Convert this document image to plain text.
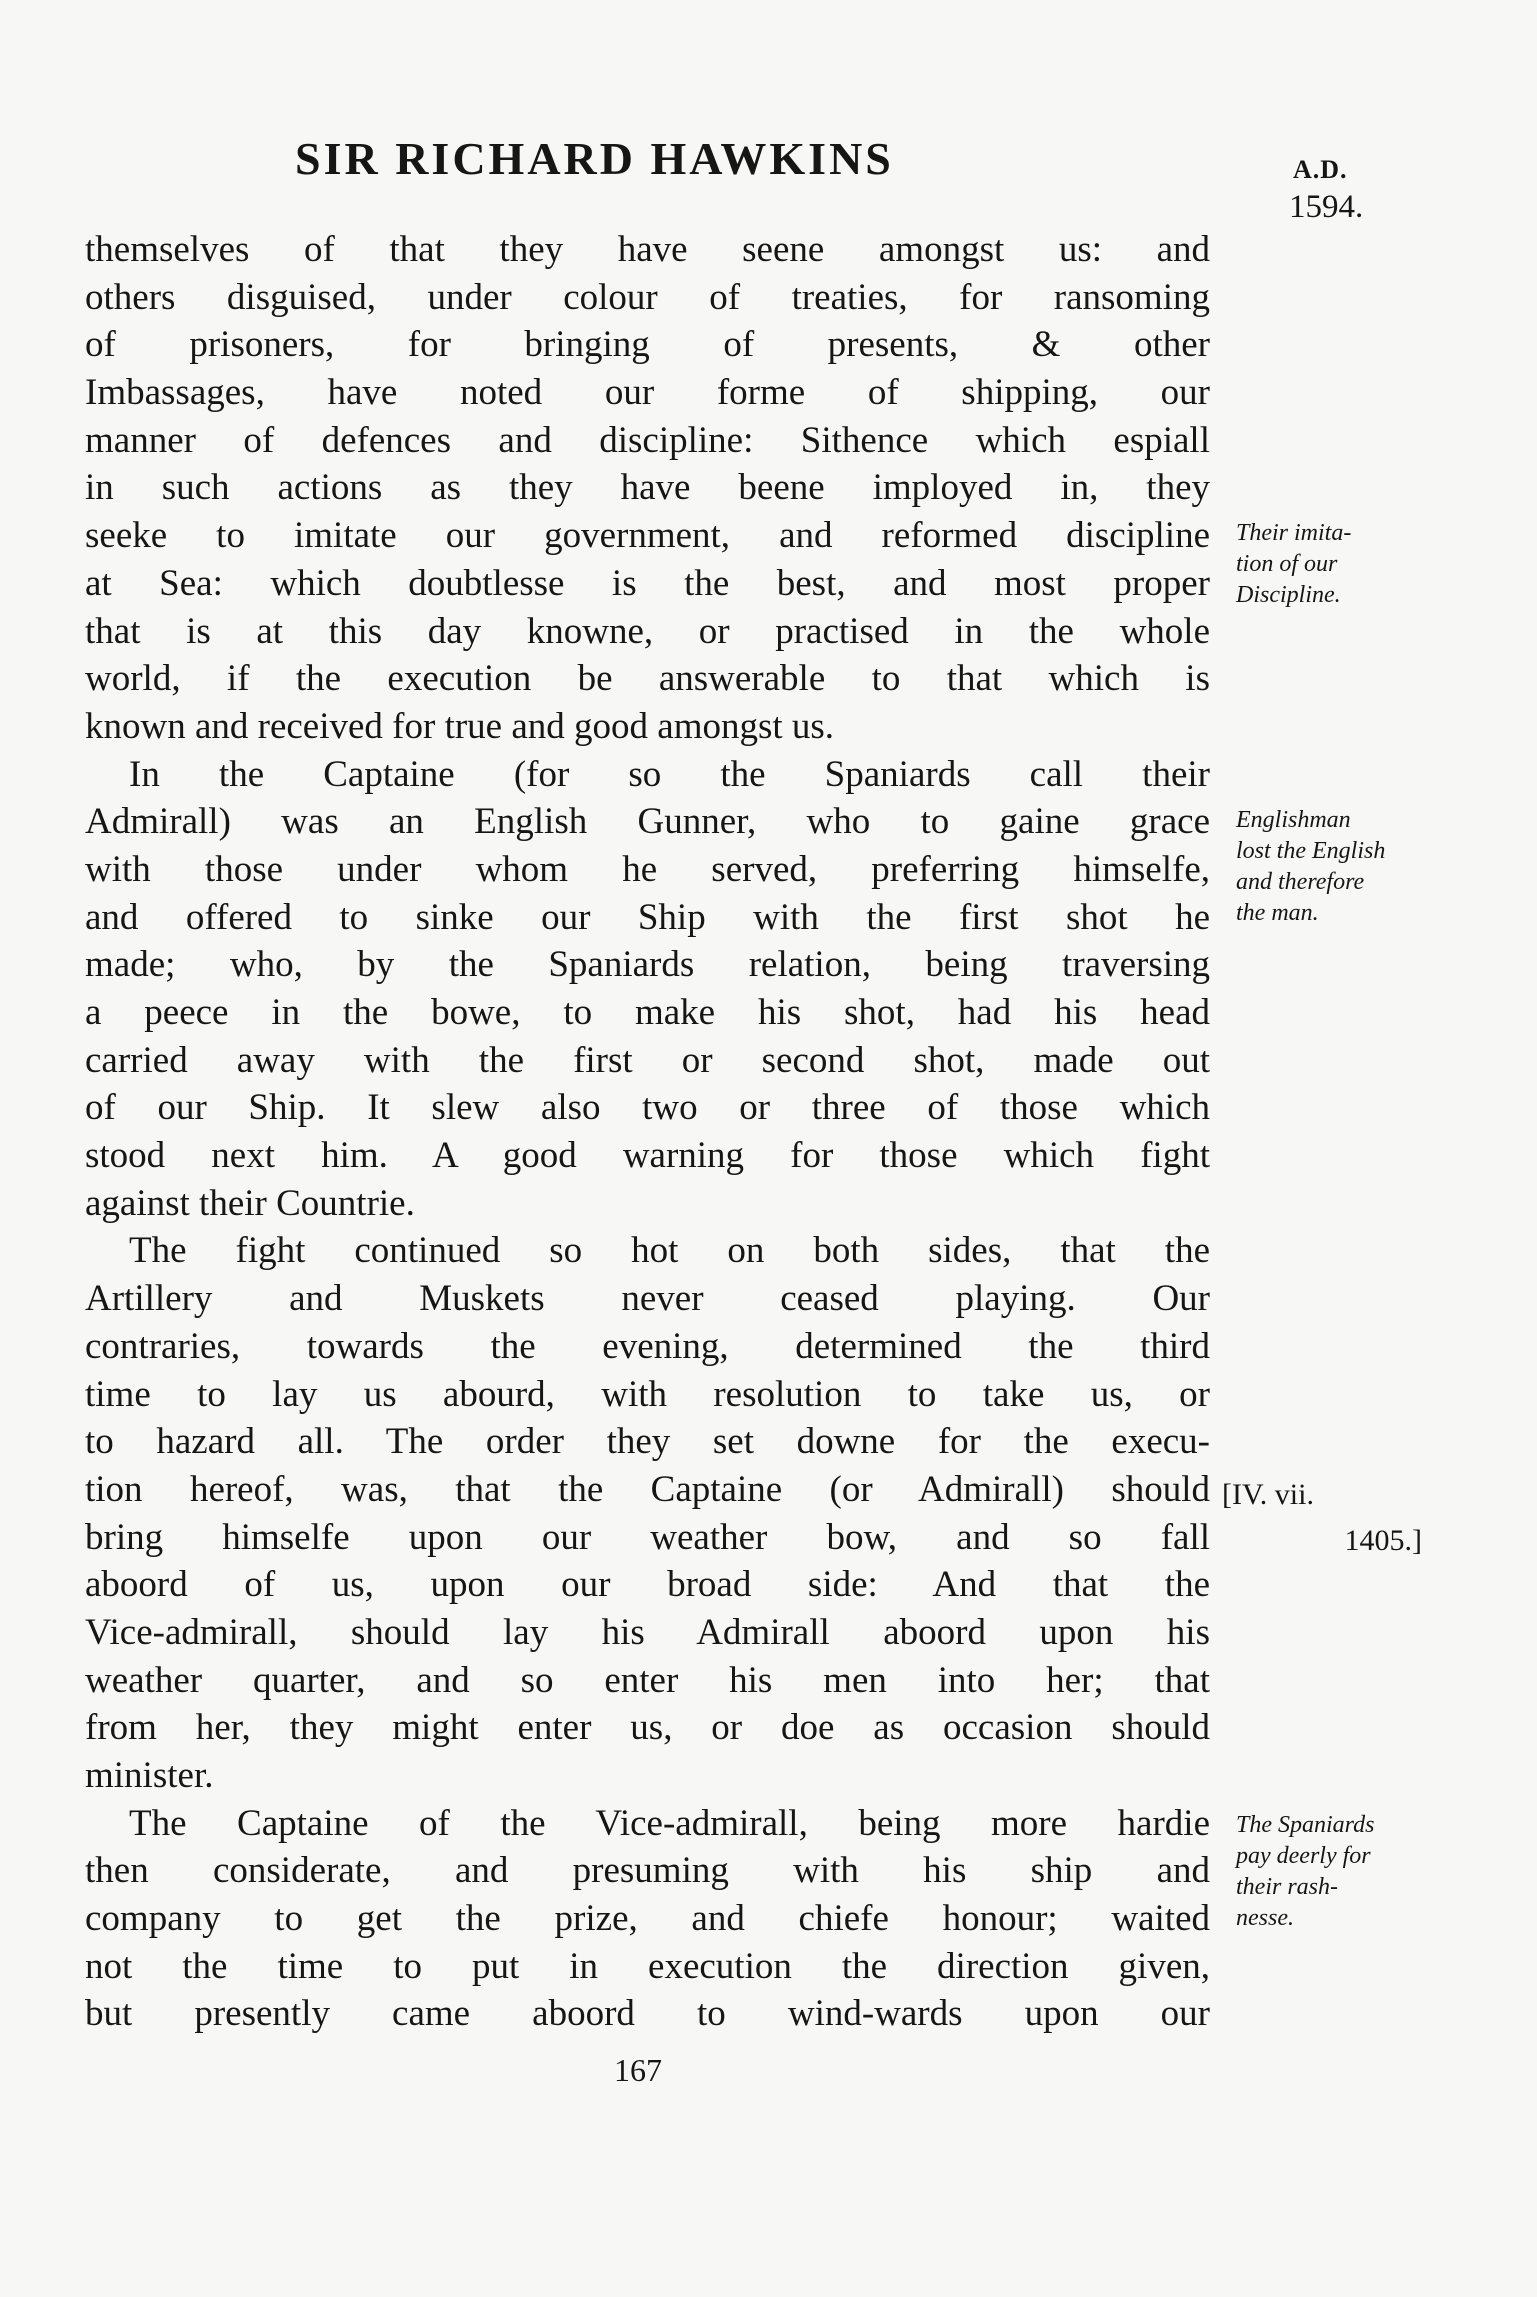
SIR RICHARD HAWKINS	A.D.
1594.
themselves of that they have seene amongst us: and
others disguised, under colour of treaties, for ransoming
of prisoners, for bringing of presents, & other
Imbassages, have noted our forme of shipping, our
manner of defences and discipline: Sithence which espiall
in such actions as they have beene imployed in, they
seeke to imitate our government, and reformed discipline
at Sea: which doubtlesse is the best, and most proper
that is at this day knowne, or practised in the whole
world, if the execution be answerable to that which is
known and received for true and good amongst us.
In the Captaine (for so the Spaniards call their
Admirall) was an English Gunner, who to gaine grace
with those under whom he served, preferring himselfe,
and offered to sinke our Ship with the first shot he
made; who, by the Spaniards relation, being traversing
a peece in the bowe, to make his shot, had his head
carried away with the first or second shot, made out
of our Ship. It slew also two or three of those which
stood next him. A good warning for those which fight
against their Countrie.
The fight continued so hot on both sides, that the
Artillery and Muskets never ceased playing. Our
contraries, towards the evening, determined the third
time to lay us abourd, with resolution to take us, or
to hazard all. The order they set downe for the execu-
tion hereof, was, that the Captaine (or Admirall) should
bring himselfe upon our weather bow, and so fall
aboord of us, upon our broad side: And that the
Vice-admirall, should lay his Admirall aboord upon his
weather quarter, and so enter his men into her; that
from her, they might enter us, or doe as occasion should
minister.
The Captaine of the Vice-admirall, being more hardie
then considerate, and presuming with his ship and
company to get the prize, and chiefe honour; waited
not the time to put in execution the direction given,
but presently came aboord to wind-wards upon our
Their imita-
tion of our
Discipline.
Englishman
lost the English
and therefore
the man.
[IV. vii.
1405.]
The Spaniards
pay deerly for
their rash-
nesse.
167
